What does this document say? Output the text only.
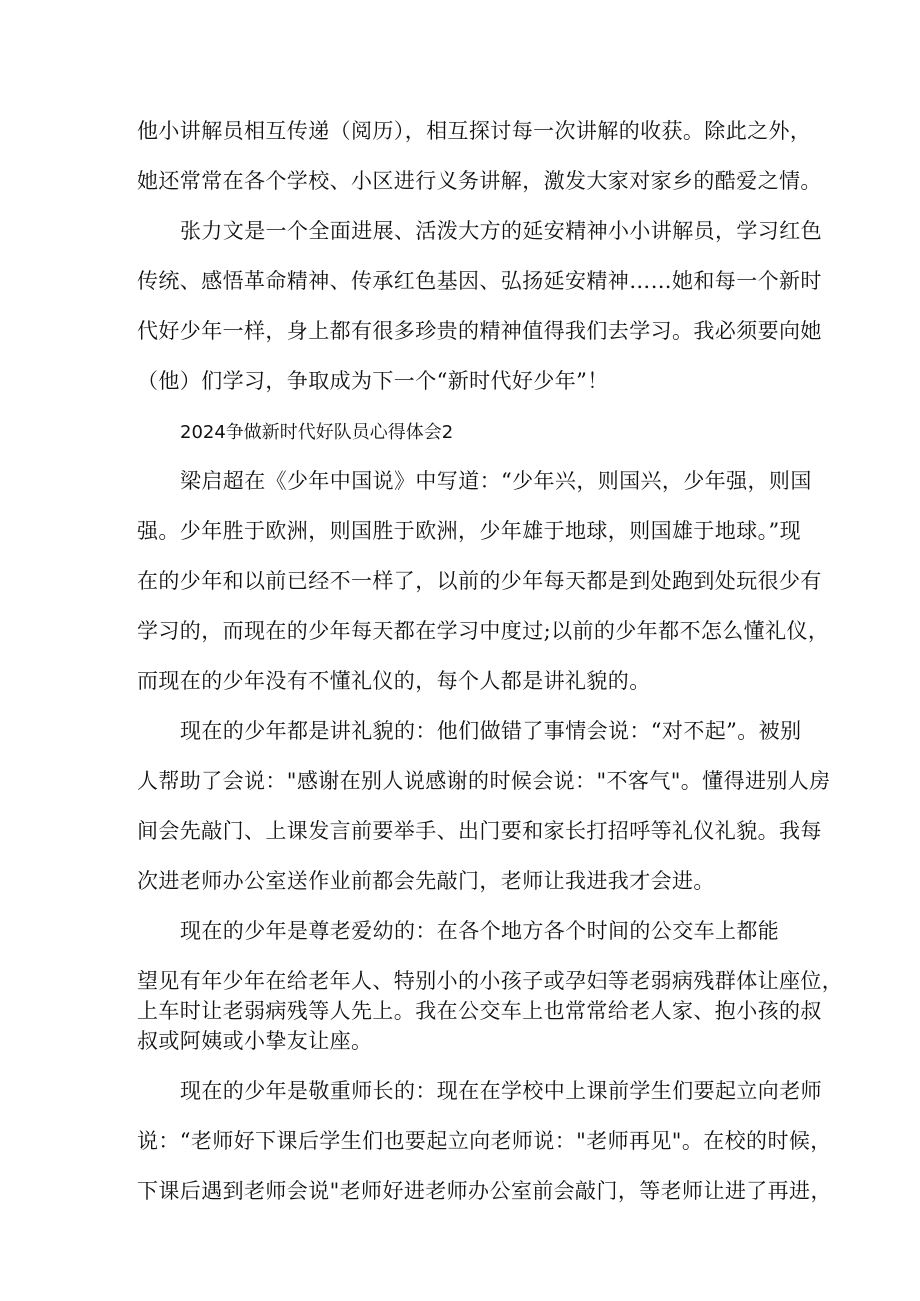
他小讲解员相互传递（阅历），相互探讨每一次讲解的收获。除此之外，
她还常常在各个学校、小区进行义务讲解，激发大家对家乡的酷爱之情。
张力文是一个全面进展、活泼大方的延安精神小小讲解员，学习红色
传统、感悟革命精神、传承红色基因、弘扬延安精神……她和每一个新时
代好少年一样，身上都有很多珍贵的精神值得我们去学习。我必须要向她
（他）们学习，争取成为下一个“新时代好少年”！
2024争做新时代好队员心得体会2
梁启超在《少年中国说》中写道：“少年兴，则国兴，少年强，则国
强。少年胜于欧洲，则国胜于欧洲，少年雄于地球，则国雄于地球。”现
在的少年和以前已经不一样了，以前的少年每天都是到处跑到处玩很少有
学习的，而现在的少年每天都在学习中度过;以前的少年都不怎么懂礼仪，
而现在的少年没有不懂礼仪的，每个人都是讲礼貌的。
现在的少年都是讲礼貌的：他们做错了事情会说：“对不起”。被别
人帮助了会说："感谢在别人说感谢的时候会说："不客气"。懂得进别人房
间会先敲门、上课发言前要举手、出门要和家长打招呼等礼仪礼貌。我每
次进老师办公室送作业前都会先敲门，老师让我进我才会进。
现在的少年是尊老爱幼的：在各个地方各个时间的公交车上都能
望见有年少年在给老年人、特别小的小孩子或孕妇等老弱病残群体让座位，
上车时让老弱病残等人先上。我在公交车上也常常给老人家、抱小孩的叔
叔或阿姨或小挚友让座。
现在的少年是敬重师长的：现在在学校中上课前学生们要起立向老师
说：“老师好下课后学生们也要起立向老师说："老师再见"。在校的时候，
下课后遇到老师会说"老师好进老师办公室前会敲门，等老师让进了再进，
